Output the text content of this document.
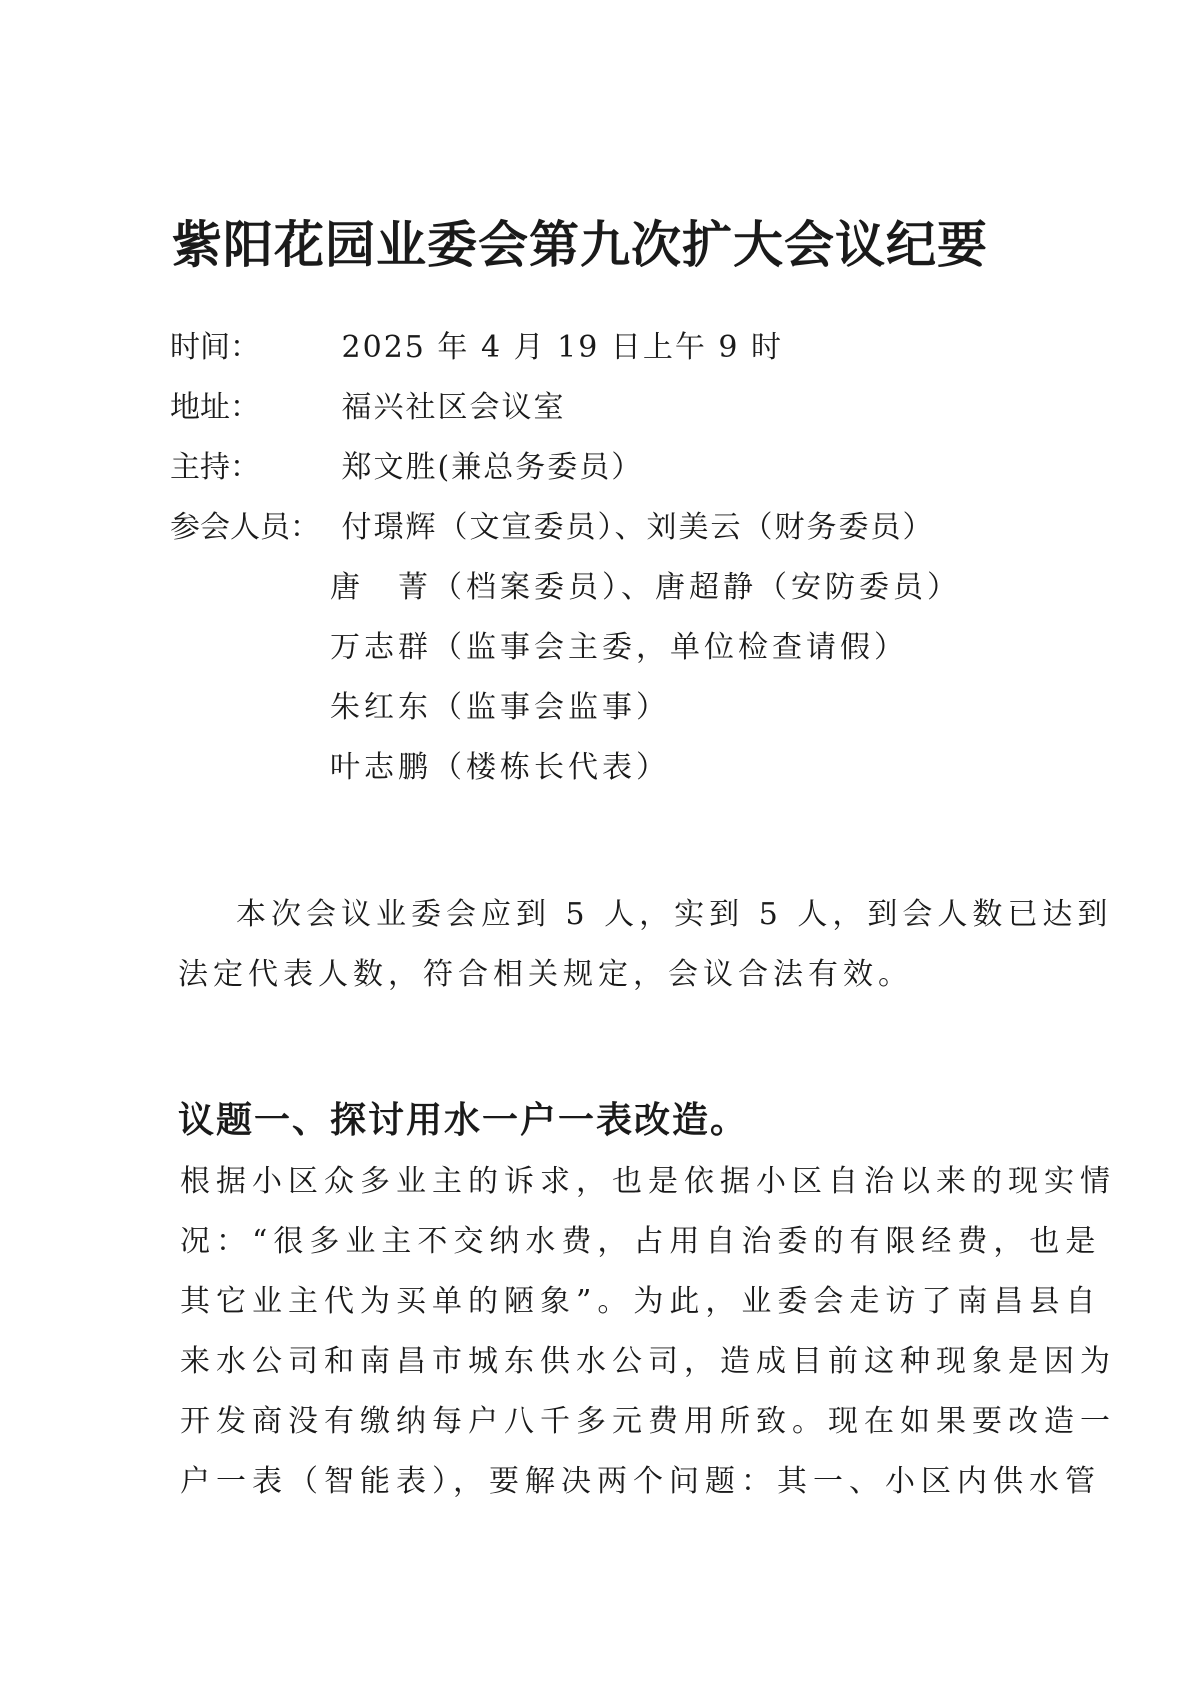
紫阳花园业委会第九次扩大会议纪要
时间：	2025 年 4 月 19 日上午 9 时
地址：	福兴社区会议室
主持：	郑文胜(兼总务委员）
参会人员： 付璟辉（文宣委员）、刘美云（财务委员）
唐　菁（档案委员）、唐超静（安防委员）
万志群（监事会主委，单位检查请假）
朱红东（监事会监事）
叶志鹏（楼栋长代表）
本次会议业委会应到 5 人，实到 5 人，到会人数已达到
法定代表人数，符合相关规定，会议合法有效。
议题一、探讨用水一户一表改造。
根据小区众多业主的诉求，也是依据小区自治以来的现实情
况：“很多业主不交纳水费，占用自治委的有限经费，也是
其它业主代为买单的陋象”。为此，业委会走访了南昌县自
来水公司和南昌市城东供水公司，造成目前这种现象是因为
开发商没有缴纳每户八千多元费用所致。现在如果要改造一
户一表（智能表），要解决两个问题：其一、小区内供水管
